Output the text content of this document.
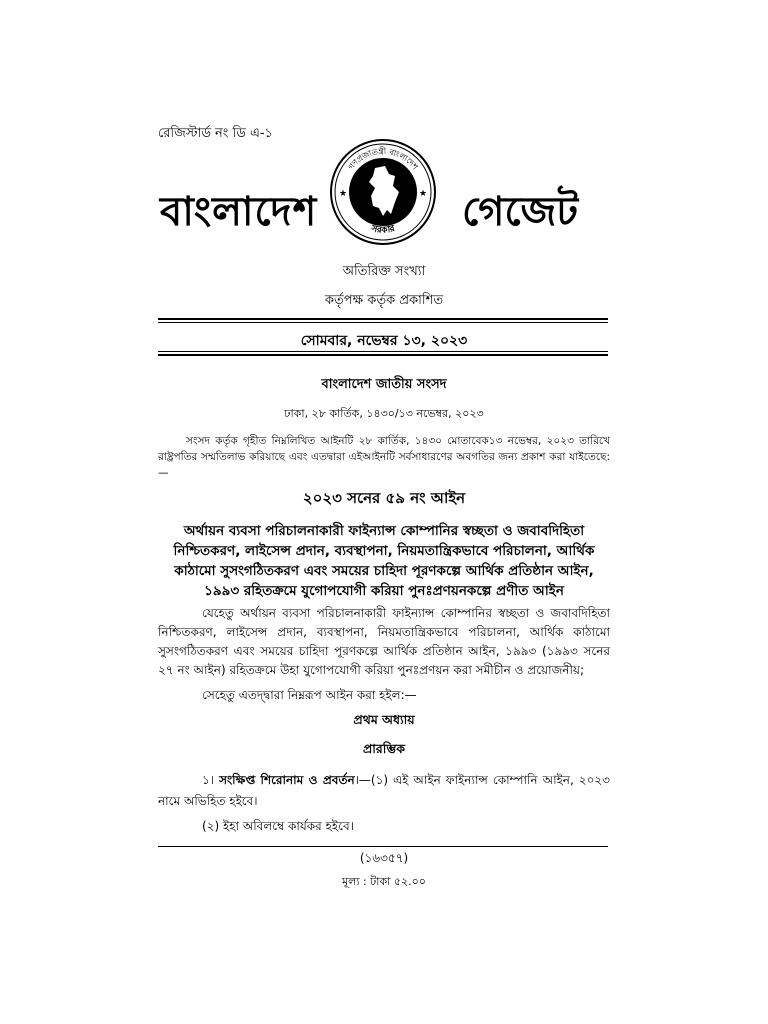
রেজিস্টার্ড নং ডি এ-১
বাংলাদেশ	গেজেট
গণপ্রজাতন্ত্রী বাংলাদেশ
সরকার
★	★
অতিরিক্ত সংখ্যা
কর্তৃপক্ষ কর্তৃক প্রকাশিত
সোমবার, নভেম্বর ১৩, ২০২৩
বাংলাদেশ জাতীয় সংসদ
ঢাকা, ২৮ কার্তিক, ১৪৩০/১৩ নভেম্বর, ২০২৩
সংসদ কর্তৃক গৃহীত নিম্নলিখিত আইনটি ২৮ কার্তিক, ১৪৩০ মোতাবেক১৩ নভেম্বর, ২০২৩ তারিখে রাষ্ট্রপতির সম্মতিলাভ করিয়াছে এবং এতদ্বারা এইআইনটি সর্বসাধারণের অবগতির জন্য প্রকাশ করা যাইতেছে:—
২০২৩ সনের ৫৯ নং আইন
অর্থায়ন ব্যবসা পরিচালনাকারী ফাইন্যান্স কোম্পানির স্বচ্ছতা ও জবাবদিহিতা নিশ্চিতকরণ, লাইসেন্স প্রদান, ব্যবস্থাপনা, নিয়মতান্ত্রিকভাবে পরিচালনা, আর্থিক কাঠামো সুসংগঠিতকরণ এবং সময়ের চাহিদা পূরণকল্পে আর্থিক প্রতিষ্ঠান আইন, ১৯৯৩ রহিতক্রমে যুগোপযোগী করিয়া পুনঃপ্রণয়নকল্পে প্রণীত আইন
যেহেতু অর্থায়ন ব্যবসা পরিচালনাকারী ফাইন্যান্স কোম্পানির স্বচ্ছতা ও জবাবদিহিতা নিশ্চিতকরণ, লাইসেন্স প্রদান, ব্যবস্থাপনা, নিয়মতান্ত্রিকভাবে পরিচালনা, আর্থিক কাঠামো সুসংগঠিতকরণ এবং সময়ের চাহিদা পূরণকল্পে আর্থিক প্রতিষ্ঠান আইন, ১৯৯৩ (১৯৯৩ সনের ২৭ নং আইন) রহিতক্রমে উহা যুগোপযোগী করিয়া পুনঃপ্রণয়ন করা সমীচীন ও প্রয়োজনীয়;
সেহেতু এতদ্দ্বারা নিম্নরূপ আইন করা হইল:—
প্রথম অধ্যায়
প্রারম্ভিক
১। সংক্ষিপ্ত শিরোনাম ও প্রবর্তন।—(১) এই আইন ফাইন্যান্স কোম্পানি আইন, ২০২৩ নামে অভিহিত হইবে।
(২) ইহা অবিলম্বে কার্যকর হইবে।
(১৬৩৫৭)
মূল্য : টাকা ৫২.০০
